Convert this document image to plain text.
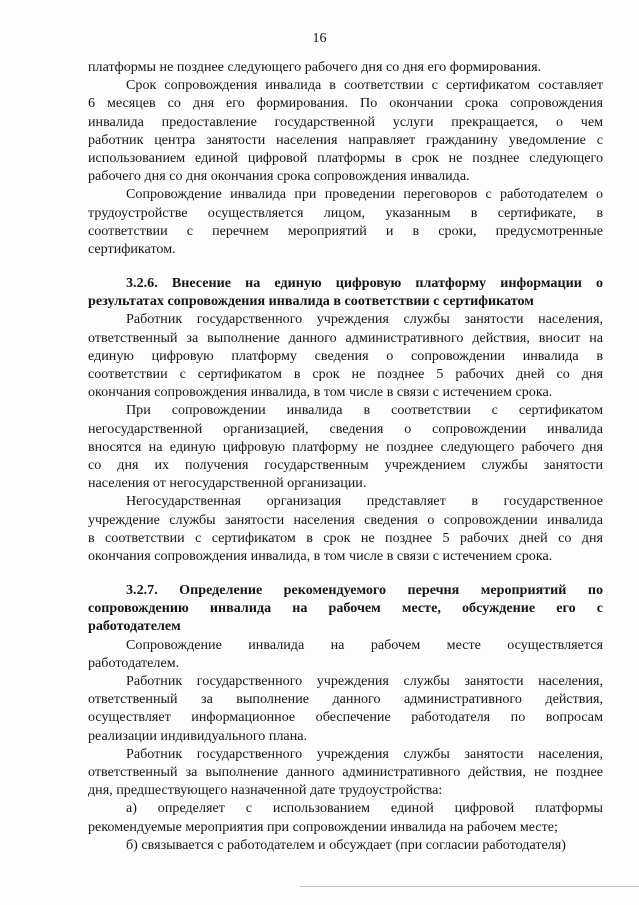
16
платформы не позднее следующего рабочего дня со дня его формирования.
Срок сопровождения инвалида в соответствии с сертификатом составляет
6 месяцев со дня его формирования. По окончании срока сопровождения
инвалида предоставление государственной услуги прекращается, о чем
работник центра занятости населения направляет гражданину уведомление с
использованием единой цифровой платформы в срок не позднее следующего
рабочего дня со дня окончания срока сопровождения инвалида.
Сопровождение инвалида при проведении переговоров с работодателем о
трудоустройстве осуществляется лицом, указанным в сертификате, в
соответствии с перечнем мероприятий и в сроки, предусмотренные
сертификатом.
3.2.6. Внесение на единую цифровую платформу информации о
результатах сопровождения инвалида в соответствии с сертификатом
Работник государственного учреждения службы занятости населения,
ответственный за выполнение данного административного действия, вносит на
единую цифровую платформу сведения о сопровождении инвалида в
соответствии с сертификатом в срок не позднее 5 рабочих дней со дня
окончания сопровождения инвалида, в том числе в связи с истечением срока.
При сопровождении инвалида в соответствии с сертификатом
негосударственной организацией, сведения о сопровождении инвалида
вносятся на единую цифровую платформу не позднее следующего рабочего дня
со дня их получения государственным учреждением службы занятости
населения от негосударственной организации.
Негосударственная организация представляет в государственное
учреждение службы занятости населения сведения о сопровождении инвалида
в соответствии с сертификатом в срок не позднее 5 рабочих дней со дня
окончания сопровождения инвалида, в том числе в связи с истечением срока.
3.2.7. Определение рекомендуемого перечня мероприятий по
сопровождению инвалида на рабочем месте, обсуждение его с
работодателем
Сопровождение инвалида на рабочем месте осуществляется
работодателем.
Работник государственного учреждения службы занятости населения,
ответственный за выполнение данного административного действия,
осуществляет информационное обеспечение работодателя по вопросам
реализации индивидуального плана.
Работник государственного учреждения службы занятости населения,
ответственный за выполнение данного административного действия, не позднее
дня, предшествующего назначенной дате трудоустройства:
а) определяет с использованием единой цифровой платформы
рекомендуемые мероприятия при сопровождении инвалида на рабочем месте;
б) связывается с работодателем и обсуждает (при согласии работодателя)
